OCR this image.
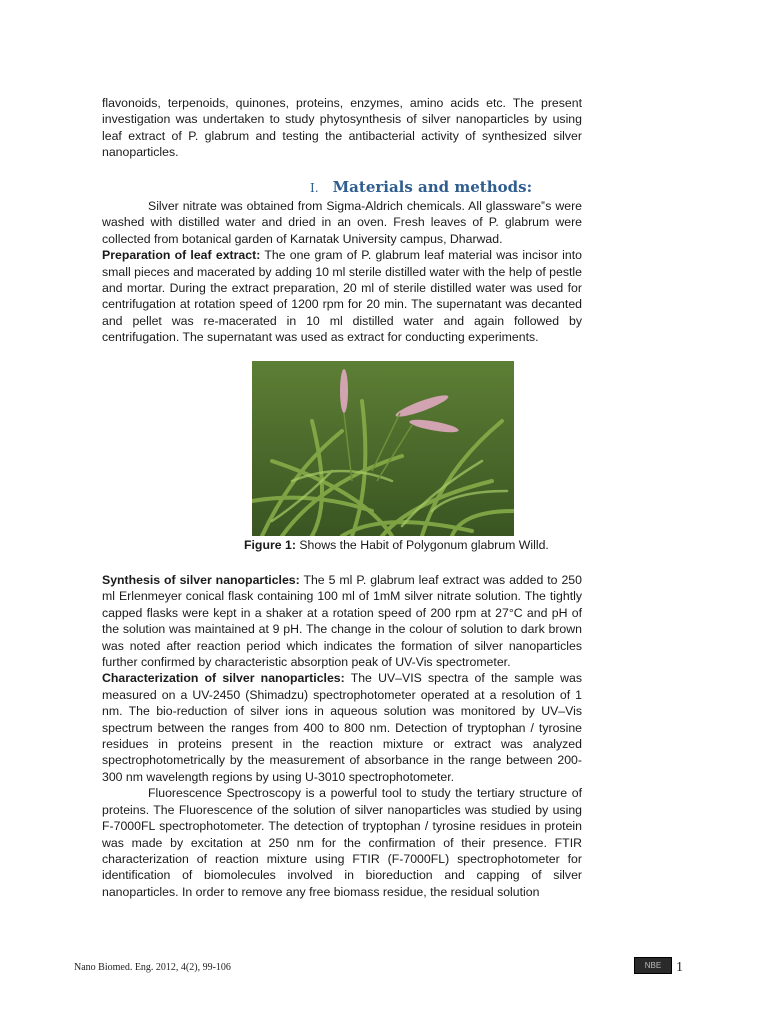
flavonoids, terpenoids, quinones, proteins, enzymes, amino acids etc. The present investigation was undertaken to study phytosynthesis of silver nanoparticles by using leaf extract of P. glabrum and testing the antibacterial activity of synthesized silver nanoparticles.

I. Materials and methods:

Silver nitrate was obtained from Sigma-Aldrich chemicals. All glassware‟s were washed with distilled water and dried in an oven. Fresh leaves of P. glabrum were collected from botanical garden of Karnatak University campus, Dharwad.

Preparation of leaf extract: The one gram of P. glabrum leaf material was incisor into small pieces and macerated by adding 10 ml sterile distilled water with the help of pestle and mortar. During the extract preparation, 20 ml of sterile distilled water was used for centrifugation at rotation speed of 1200 rpm for 20 min. The supernatant was decanted and pellet was re-macerated in 10 ml distilled water and again followed by centrifugation. The supernatant was used as extract for conducting experiments.

Figure 1: Shows the Habit of Polygonum glabrum Willd.

Synthesis of silver nanoparticles: The 5 ml P. glabrum leaf extract was added to 250 ml Erlenmeyer conical flask containing 100 ml of 1mM silver nitrate solution. The tightly capped flasks were kept in a shaker at a rotation speed of 200 rpm at 27°C and pH of the solution was maintained at 9 pH. The change in the colour of solution to dark brown was noted after reaction period which indicates the formation of silver nanoparticles further confirmed by characteristic absorption peak of UV-Vis spectrometer.

Characterization of silver nanoparticles: The UV–VIS spectra of the sample was measured on a UV-2450 (Shimadzu) spectrophotometer operated at a resolution of 1 nm. The bio-reduction of silver ions in aqueous solution was monitored by UV–Vis spectrum between the ranges from 400 to 800 nm. Detection of tryptophan / tyrosine residues in proteins present in the reaction mixture or extract was analyzed spectrophotometrically by the measurement of absorbance in the range between 200-300 nm wavelength regions by using U-3010 spectrophotometer.

Fluorescence Spectroscopy is a powerful tool to study the tertiary structure of proteins. The Fluorescence of the solution of silver nanoparticles was studied by using F-7000FL spectrophotometer. The detection of tryptophan / tyrosine residues in protein was made by excitation at 250 nm for the confirmation of their presence. FTIR characterization of reaction mixture using FTIR (F-7000FL) spectrophotometer for identification of biomolecules involved in bioreduction and capping of silver nanoparticles. In order to remove any free biomass residue, the residual solution

Nano Biomed. Eng. 2012, 4(2), 99-106	NBE	1
